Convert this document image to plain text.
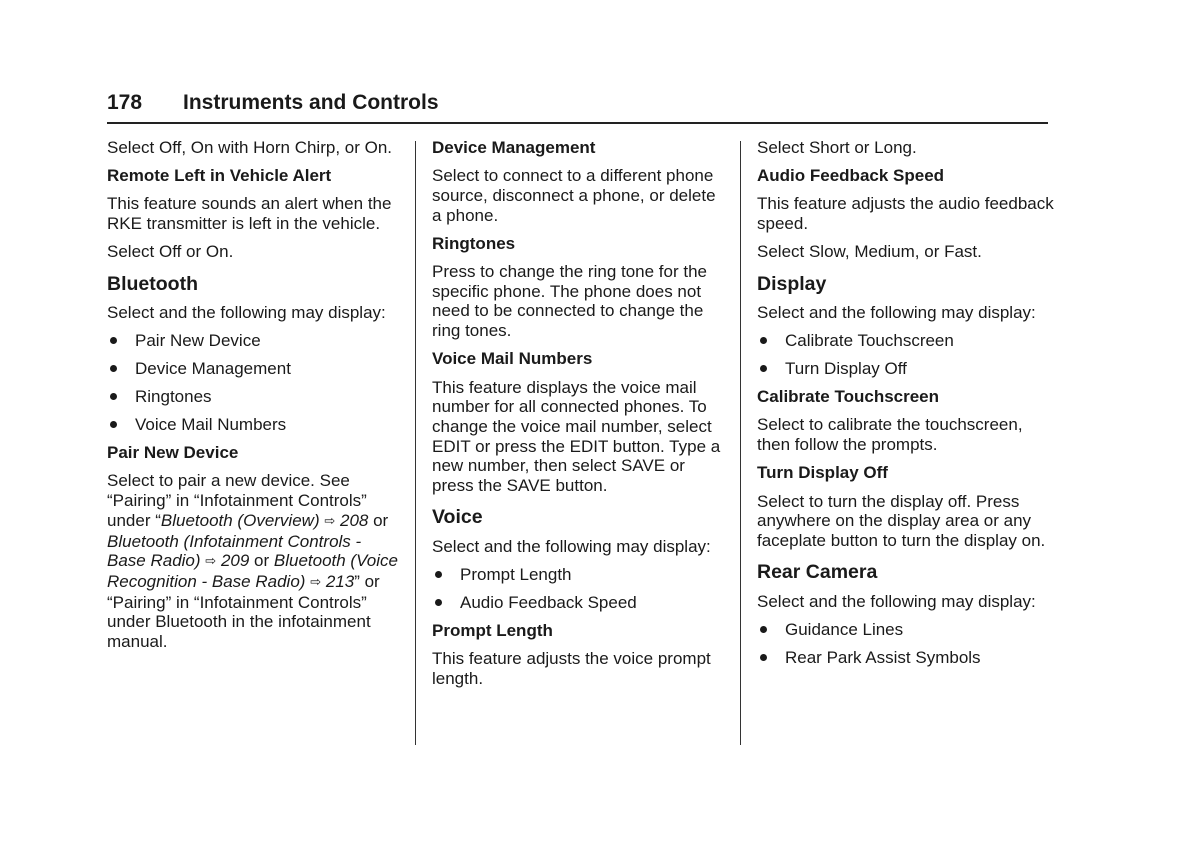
178 Instruments and Controls

Select Off, On with Horn Chirp, or On.

Remote Left in Vehicle Alert

This feature sounds an alert when the RKE transmitter is left in the vehicle.

Select Off or On.

Bluetooth

Select and the following may display:

Pair New Device
Device Management
Ringtones
Voice Mail Numbers

Pair New Device

Select to pair a new device. See “Pairing” in “Infotainment Controls” under “Bluetooth (Overview) ⇨ 208 or Bluetooth (Infotainment Controls - Base Radio) ⇨ 209 or Bluetooth (Voice Recognition - Base Radio) ⇨ 213” or “Pairing” in “Infotainment Controls” under Bluetooth in the infotainment manual.

Device Management

Select to connect to a different phone source, disconnect a phone, or delete a phone.

Ringtones

Press to change the ring tone for the specific phone. The phone does not need to be connected to change the ring tones.

Voice Mail Numbers

This feature displays the voice mail number for all connected phones. To change the voice mail number, select EDIT or press the EDIT button. Type a new number, then select SAVE or press the SAVE button.

Voice

Select and the following may display:

Prompt Length
Audio Feedback Speed

Prompt Length

This feature adjusts the voice prompt length.

Select Short or Long.

Audio Feedback Speed

This feature adjusts the audio feedback speed.

Select Slow, Medium, or Fast.

Display

Select and the following may display:

Calibrate Touchscreen
Turn Display Off

Calibrate Touchscreen

Select to calibrate the touchscreen, then follow the prompts.

Turn Display Off

Select to turn the display off. Press anywhere on the display area or any faceplate button to turn the display on.

Rear Camera

Select and the following may display:

Guidance Lines
Rear Park Assist Symbols
